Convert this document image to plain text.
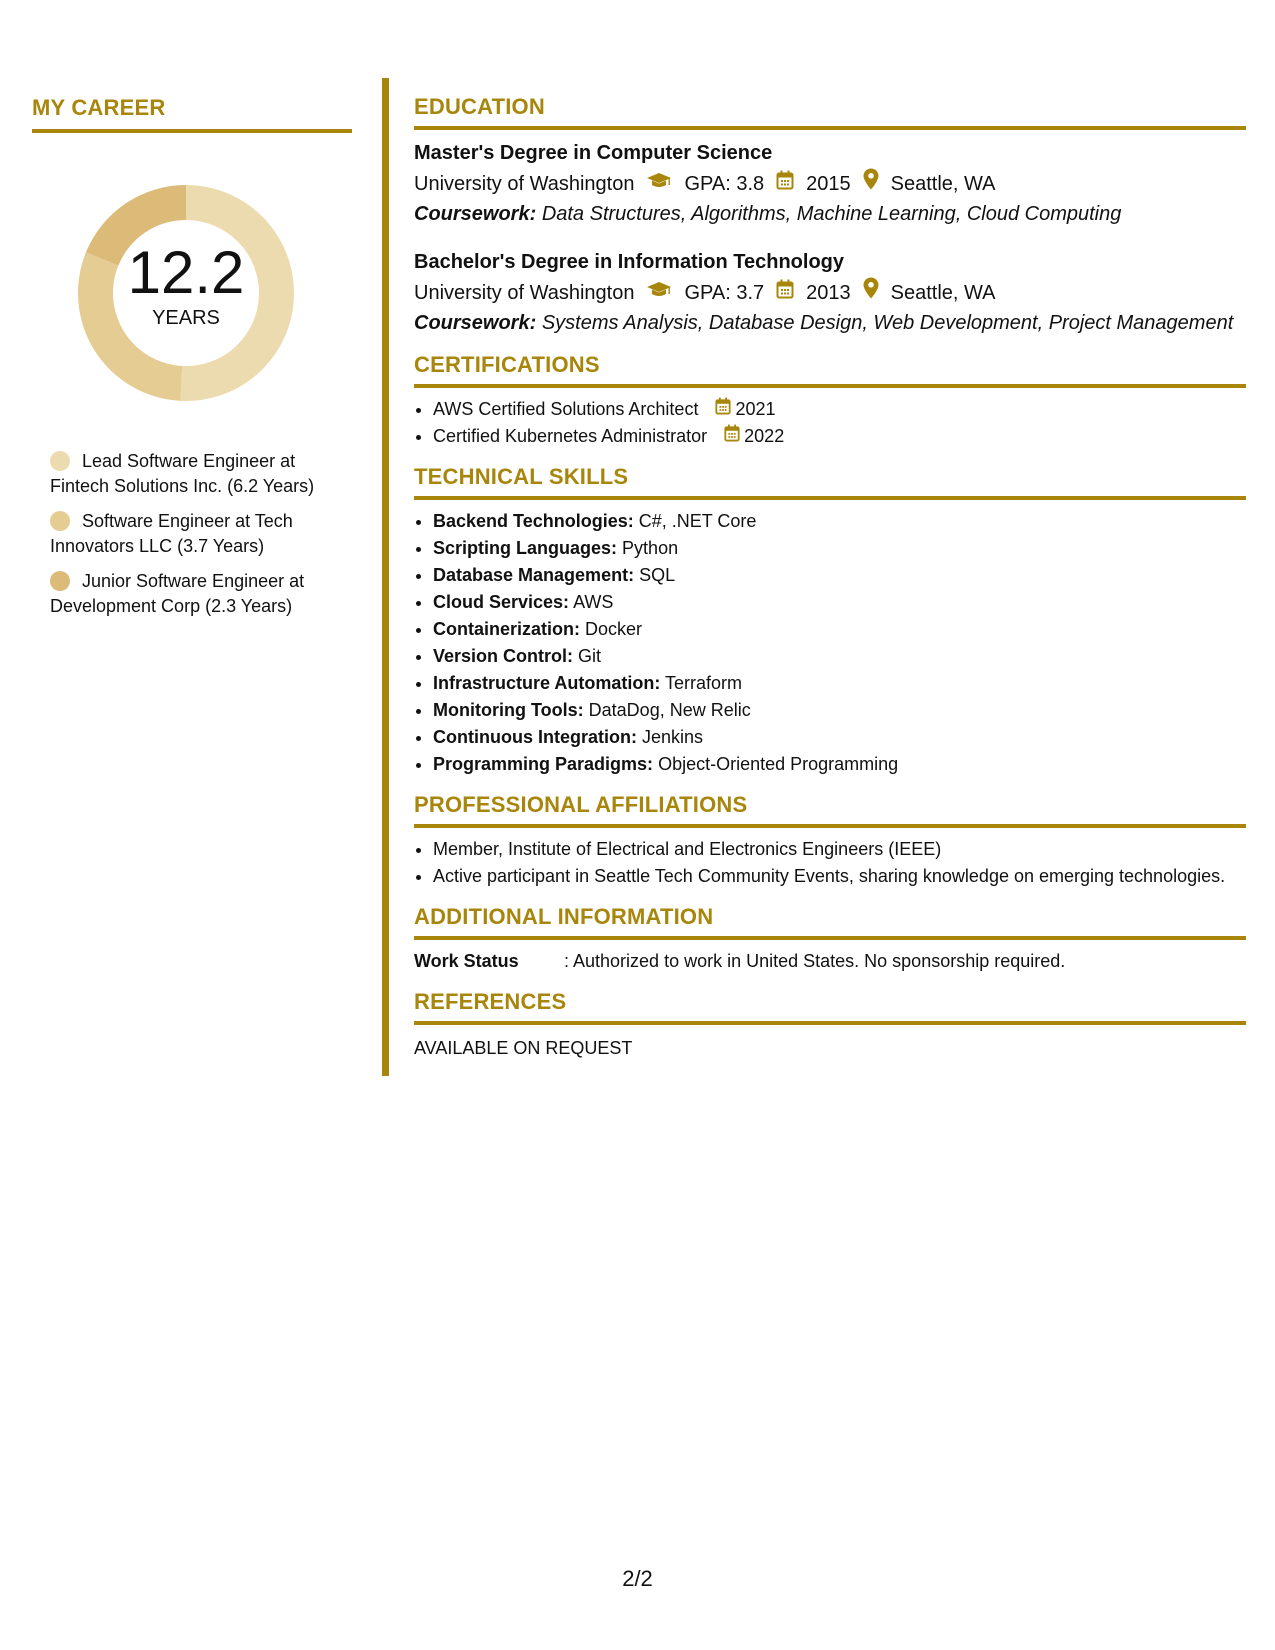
MY CAREER
12.2
YEARS
Lead Software Engineer at Fintech Solutions Inc. (6.2 Years)
Software Engineer at Tech Innovators LLC (3.7 Years)
Junior Software Engineer at Development Corp (2.3 Years)
EDUCATION
Master's Degree in Computer Science
University of Washington	GPA: 3.8 2015 Seattle, WA
Coursework: Data Structures, Algorithms, Machine Learning, Cloud Computing
Bachelor's Degree in Information Technology
University of Washington	GPA: 3.7 2013 Seattle, WA
Coursework: Systems Analysis, Database Design, Web Development, Project Management
CERTIFICATIONS
• AWS Certified Solutions Architect 2021
• Certified Kubernetes Administrator 2022
TECHNICAL SKILLS
• Backend Technologies: C#, .NET Core
• Scripting Languages: Python
• Database Management: SQL
• Cloud Services: AWS
• Containerization: Docker
• Version Control: Git
• Infrastructure Automation: Terraform
• Monitoring Tools: DataDog, New Relic
• Continuous Integration: Jenkins
• Programming Paradigms: Object-Oriented Programming
PROFESSIONAL AFFILIATIONS
• Member, Institute of Electrical and Electronics Engineers (IEEE)
• Active participant in Seattle Tech Community Events, sharing knowledge on emerging technologies.
ADDITIONAL INFORMATION
Work Status	: Authorized to work in United States. No sponsorship required.
REFERENCES
AVAILABLE ON REQUEST
2/2
